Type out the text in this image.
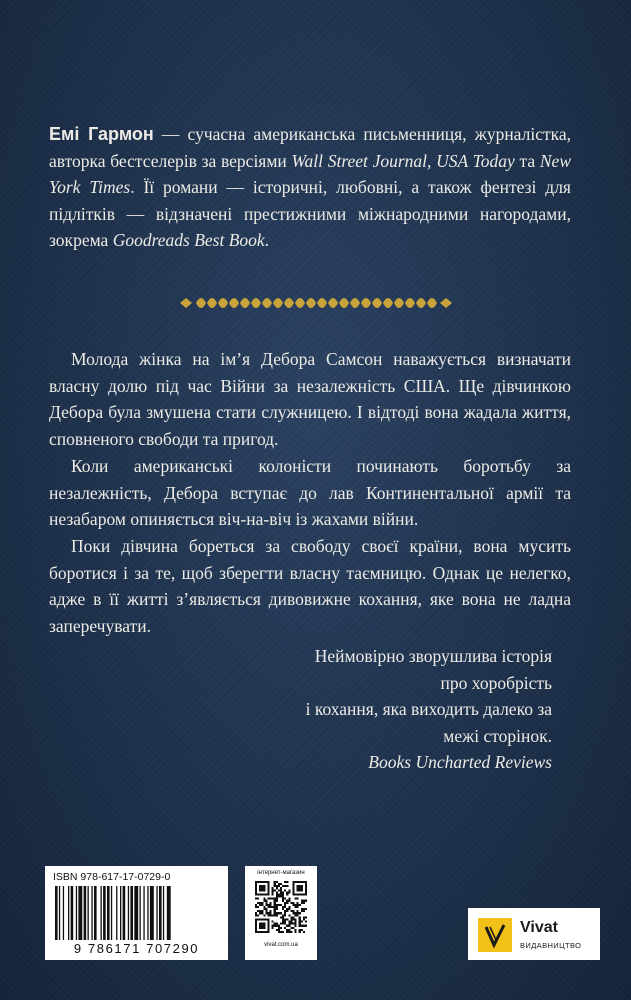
Емі Гармон — сучасна американська письменниця, журналістка, авторка бестселерів за версіями Wall Street Journal, USA Today та New York Times. Її романи — історичні, любовні, а також фентезі для підлітків — відзначені престижними міжнародними нагородами, зокрема Goodreads Best Book.

Молода жінка на ім’я Дебора Самсон наважується визначати власну долю під час Війни за незалежність США. Ще дівчинкою Дебора була змушена стати служницею. І відтоді вона жадала життя, сповненого свободи та пригод.

Коли американські колоністи починають боротьбу за незалежність, Дебора вступає до лав Континентальної армії та незабаром опиняється віч-на-віч із жахами війни.

Поки дівчина бореться за свободу своєї країни, вона мусить боротися і за те, щоб зберегти власну таємницю. Однак це нелегко, адже в її житті з’являється дивовижне кохання, яке вона не ладна заперечувати.

Неймовірно зворушлива історія про хоробрість
і кохання, яка виходить далеко за межі сторінок.
Books Uncharted Reviews
ISBN 978-617-17-0729-0
9 786171 707290
інтернет-магазин
vivat.com.ua
Vivat
ВИДАВНИЦТВО
